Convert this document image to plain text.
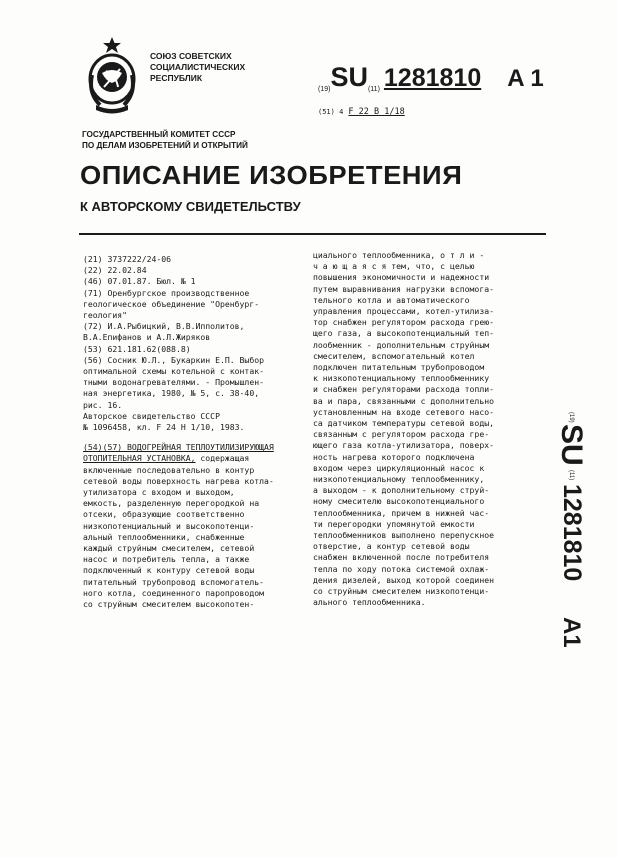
СОЮЗ СОВЕТСКИХ
СОЦИАЛИСТИЧЕСКИХ
РЕСПУБЛИК
(19)SU(11) 1281810 A 1
(51) 4 F 22 B 1/18
ГОСУДАРСТВЕННЫЙ КОМИТЕТ СССР
ПО ДЕЛАМ ИЗОБРЕТЕНИЙ И ОТКРЫТИЙ
ОПИСАНИЕ ИЗОБРЕТЕНИЯ
К АВТОРСКОМУ СВИДЕТЕЛЬСТВУ
(21) 3737222/24-06
(22) 22.02.84
(46) 07.01.87. Бюл. № 1
(71) Оренбургское производственное
геологическое объединение "Оренбург-
геология"
(72) И.А.Рыбицкий, В.В.Ипполитов,
В.А.Епифанов и А.Л.Жиряков
(53) 621.181.62(088.8)
(56) Сосник Ю.Л., Букаркин Е.П. Выбор
оптимальной схемы котельной с контак-
тными водонагревателями. - Промышлен-
ная энергетика, 1980, № 5, с. 38-40,
рис. 16.
Авторское свидетельство СССР
№ 1096458, кл. F 24 H 1/10, 1983.
(54)(57) ВОДОГРЕЙНАЯ ТЕПЛОУТИЛИЗИРУЮЩАЯ
ОТОПИТЕЛЬНАЯ УСТАНОВКА, содержащая
включенные последовательно в контур
сетевой воды поверхность нагрева котла-
утилизатора с входом и выходом,
емкость, разделенную перегородкой на
отсеки, образующие соответственно
низкопотенциальный и высокопотенци-
альный теплообменники, снабженные
каждый струйным смесителем, сетевой
насос и потребитель тепла, а также
подключенный к контуру сетевой воды
питательный трубопровод вспомогатель-
ного котла, соединенного паропроводом
со струйным смесителем высокопотен-
циального теплообменника, о т л и -
ч а ю щ а я с я тем, что, с целью
повышения экономичности и надежности
путем выравнивания нагрузки вспомога-
тельного котла и автоматического
управления процессами, котел-утилиза-
тор снабжен регулятором расхода грею-
щего газа, а высокопотенциальный теп-
лообменник - дополнительным струйным
смесителем, вспомогательный котел
подключен питательным трубопроводом
к низкопотенциальному теплообменнику
и снабжен регуляторами расхода топли-
ва и пара, связанными с дополнительно
установленным на входе сетевого насо-
са датчиком температуры сетевой воды,
связанным с регулятором расхода гре-
ющего газа котла-утилизатора, поверх-
ность нагрева которого подключена
входом через циркуляционный насос к
низкопотенциальному теплообменнику,
а выходом - к дополнительному струй-
ному смесителю высокопотенциального
теплообменника, причем в нижней час-
ти перегородки упомянутой емкости
теплообменников выполнено перепускное
отверстие, а контур сетевой воды
снабжен включенной после потребителя
тепла по ходу потока системой охлаж-
дения дизелей, выход которой соединен
со струйным смесителем низкопотенци-
ального теплообменника.
(19)
SU
(11)
1281810
A1
